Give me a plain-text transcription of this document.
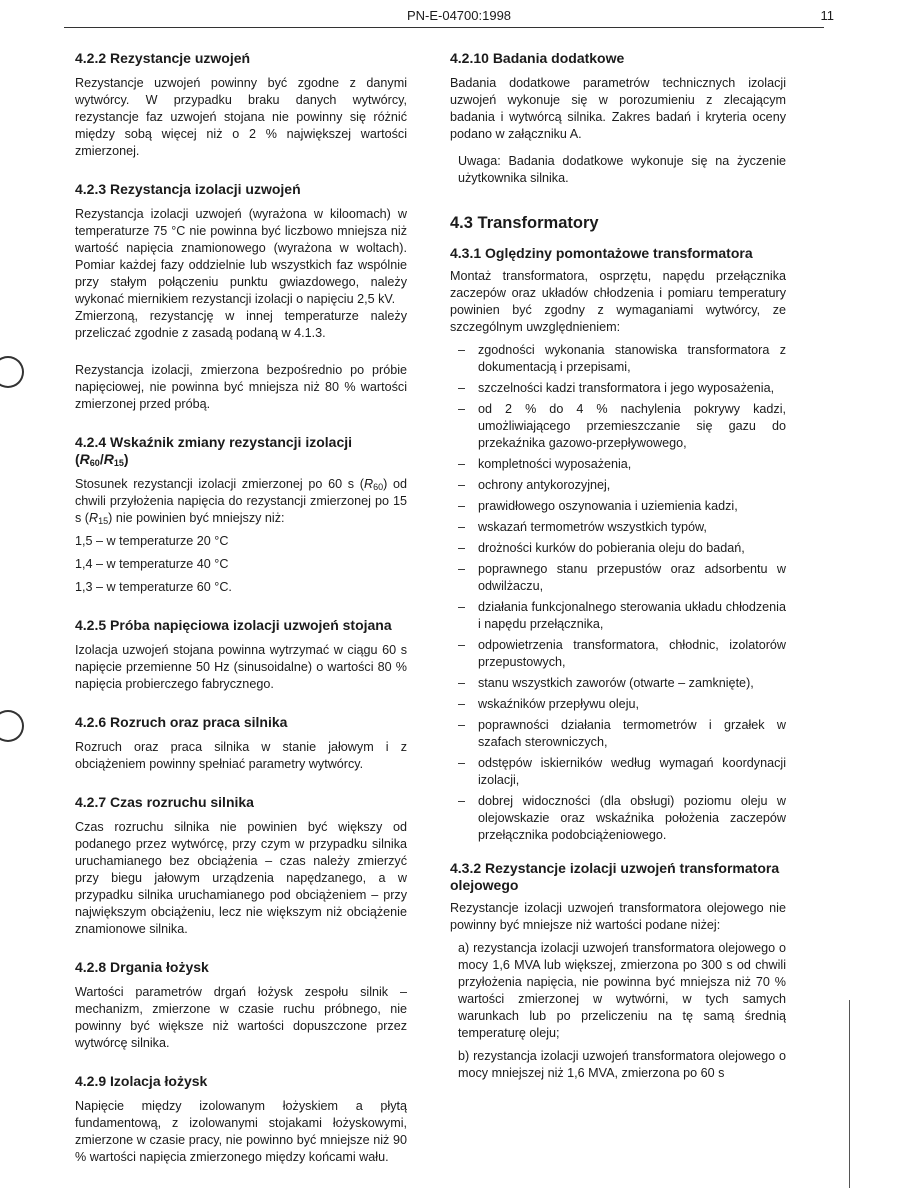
PN-E-04700:1998	11
4.2.2 Rezystancje uzwojeń
Rezystancje uzwojeń powinny być zgodne z danymi wytwórcy. W przypadku braku danych wytwórcy, rezystancje faz uzwojeń stojana nie powinny się różnić między sobą więcej niż o 2 % największej wartości zmierzonej.
4.2.3 Rezystancja izolacji uzwojeń
Rezystancja izolacji uzwojeń (wyrażona w kiloomach) w temperaturze 75 °C nie powinna być liczbowo mniejsza niż wartość napięcia znamionowego (wyrażona w woltach). Pomiar każdej fazy oddzielnie lub wszystkich faz wspólnie przy stałym połączeniu punktu gwiazdowego, należy wykonać miernikiem rezystancji izolacji o napięciu 2,5 kV.
Zmierzoną, rezystancję w innej temperaturze należy przeliczać zgodnie z zasadą podaną w 4.1.3.
Rezystancja izolacji, zmierzona bezpośrednio po próbie napięciowej, nie powinna być mniejsza niż 80 % wartości zmierzonej przed próbą.
4.2.4 Wskaźnik zmiany rezystancji izolacji $(R_{60}/R_{15})$
Stosunek rezystancji izolacji zmierzonej po 60 s $(R_{60})$ od chwili przyłożenia napięcia do rezystancji zmierzonej po 15 s $(R_{15})$ nie powinien być mniejszy niż:
1,5 – w temperaturze 20 °C
1,4 – w temperaturze 40 °C
1,3 – w temperaturze 60 °C.
4.2.5 Próba napięciowa izolacji uzwojeń stojana
Izolacja uzwojeń stojana powinna wytrzymać w ciągu 60 s napięcie przemienne 50 Hz (sinusoidalne) o wartości 80 % napięcia probierczego fabrycznego.
4.2.6 Rozruch oraz praca silnika
Rozruch oraz praca silnika w stanie jałowym i z obciążeniem powinny spełniać parametry wytwórcy.
4.2.7 Czas rozruchu silnika
Czas rozruchu silnika nie powinien być większy od podanego przez wytwórcę, przy czym w przypadku silnika uruchamianego bez obciążenia – czas należy zmierzyć przy biegu jałowym urządzenia napędzanego, a w przypadku silnika uruchamianego pod obciążeniem – przy największym obciążeniu, lecz nie większym niż obciążenie znamionowe silnika.
4.2.8 Drgania łożysk
Wartości parametrów drgań łożysk zespołu silnik – mechanizm, zmierzone w czasie ruchu próbnego, nie powinny być większe niż wartości dopuszczone przez wytwórcę silnika.
4.2.9 Izolacja łożysk
Napięcie między izolowanym łożyskiem a płytą fundamentową, z izolowanymi stojakami łożyskowymi, zmierzone w czasie pracy, nie powinno być mniejsze niż 90 % wartości napięcia zmierzonego między końcami wału.
4.2.10 Badania dodatkowe
Badania dodatkowe parametrów technicznych izolacji uzwojeń wykonuje się w porozumieniu z zlecającym badania i wytwórcą silnika. Zakres badań i kryteria oceny podano w załączniku A.
Uwaga: Badania dodatkowe wykonuje się na życzenie użytkownika silnika.
4.3 Transformatory
4.3.1 Oględziny pomontażowe transformatora
Montaż transformatora, osprzętu, napędu przełącznika zaczepów oraz układów chłodzenia i pomiaru temperatury powinien być zgodny z wymaganiami wytwórcy, ze szczególnym uwzględnieniem:
–	zgodności wykonania stanowiska transformatora z dokumentacją i przepisami,
–	szczelności kadzi transformatora i jego wyposażenia,
–	od 2 % do 4 % nachylenia pokrywy kadzi, umożliwiającego przemieszczanie się gazu do przekaźnika gazowo-przepływowego,
–	kompletności wyposażenia,
–	ochrony antykorozyjnej,
–	prawidłowego oszynowania i uziemienia kadzi,
–	wskazań termometrów wszystkich typów,
–	drożności kurków do pobierania oleju do badań,
–	poprawnego stanu przepustów oraz adsorbentu w odwilżaczu,
–	działania funkcjonalnego sterowania układu chłodzenia i napędu przełącznika,
–	odpowietrzenia transformatora, chłodnic, izolatorów przepustowych,
–	stanu wszystkich zaworów (otwarte – zamknięte),
–	wskaźników przepływu oleju,
–	poprawności działania termometrów i grzałek w szafach sterowniczych,
–	odstępów iskierników według wymagań koordynacji izolacji,
–	dobrej widoczności (dla obsługi) poziomu oleju w olejowskazie oraz wskaźnika położenia zaczepów przełącznika podobciążeniowego.
4.3.2 Rezystancje izolacji uzwojeń transformatora olejowego
Rezystancje izolacji uzwojeń transformatora olejowego nie powinny być mniejsze niż wartości podane niżej:
a) rezystancja izolacji uzwojeń transformatora olejowego o mocy 1,6 MVA lub większej, zmierzona po 300 s od chwili przyłożenia napięcia, nie powinna być mniejsza niż 70 % wartości zmierzonej w wytwórni, w tych samych warunkach lub po przeliczeniu na tę samą średnią temperaturę oleju;
b) rezystancja izolacji uzwojeń transformatora olejowego o mocy mniejszej niż 1,6 MVA, zmierzona po 60 s
